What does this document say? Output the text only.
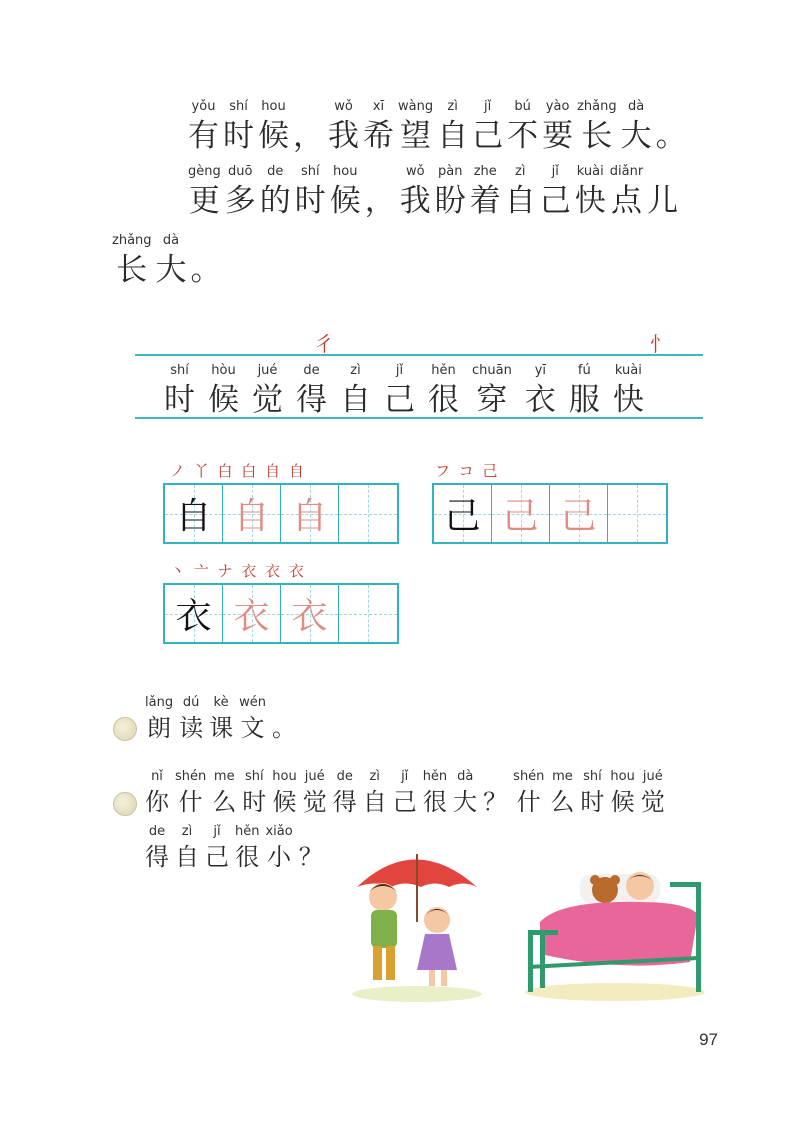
yǒu
有
shí
时
hou
候 ，
wǒ
我
xī
希
wàng
望
zì
自
jǐ
己
bú
不
yào
要
zhǎng
长
dà
大 。
gèng
更
duō
多
de
的
shí
时
hou
候 ，
wǒ
我
pàn
盼
zhe
着
zì
自
jǐ
己
kuài
快
diǎnr
点 儿
zhǎng
长
dà
大 。
彳	忄
shí
时
hòu
候
jué
觉
de
得
zì
自
jǐ
己
hěn
很
chuān
穿
yī
衣
fú
服
kuài
快
ノ 丫 白 白 自 自
自 自 自
フ コ 己
己 己 己
丶 亠 ナ 衣 衣 衣
衣 衣 衣
lǎng
朗
dú
读
kè
课
wén
文 。
nǐ
你
shén
什
me
么
shí
时
hou
候
jué
觉
de
得
zì
自
jǐ
己
hěn
很
dà
大 ？
shén
什
me
么
shí
时
hou
候
jué
觉
de
得
zì
自
jǐ
己
hěn
很
xiǎo
小 ？
97
